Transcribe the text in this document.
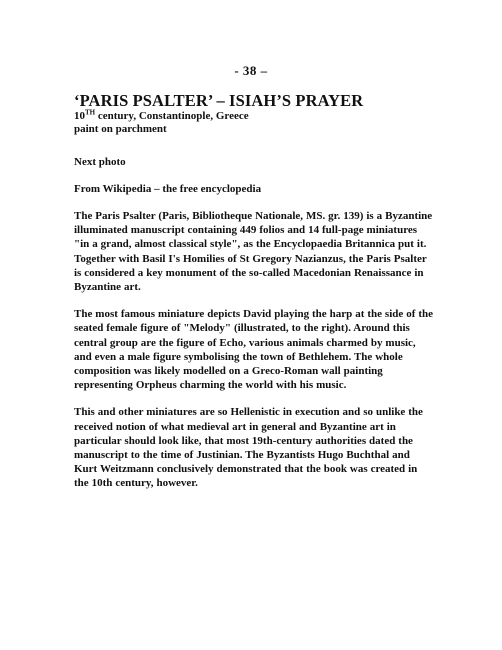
- 38 –

‘PARIS PSALTER’ – ISIAH’S PRAYER

10TH century, Constantinople, Greece

paint on parchment

Next photo

From Wikipedia – the free encyclopedia

The Paris Psalter (Paris, Bibliotheque Nationale, MS. gr. 139) is a Byzantine illuminated manuscript containing 449 folios and 14 full-page miniatures "in a grand, almost classical style", as the Encyclopaedia Britannica put it. Together with Basil I's Homilies of St Gregory Nazianzus, the Paris Psalter is considered a key monument of the so-called Macedonian Renaissance in Byzantine art.

The most famous miniature depicts David playing the harp at the side of the seated female figure of "Melody" (illustrated, to the right). Around this central group are the figure of Echo, various animals charmed by music, and even a male figure symbolising the town of Bethlehem. The whole composition was likely modelled on a Greco-Roman wall painting representing Orpheus charming the world with his music.

This and other miniatures are so Hellenistic in execution and so unlike the received notion of what medieval art in general and Byzantine art in particular should look like, that most 19th-century authorities dated the manuscript to the time of Justinian. The Byzantists Hugo Buchthal and Kurt Weitzmann conclusively demonstrated that the book was created in the 10th century, however.
